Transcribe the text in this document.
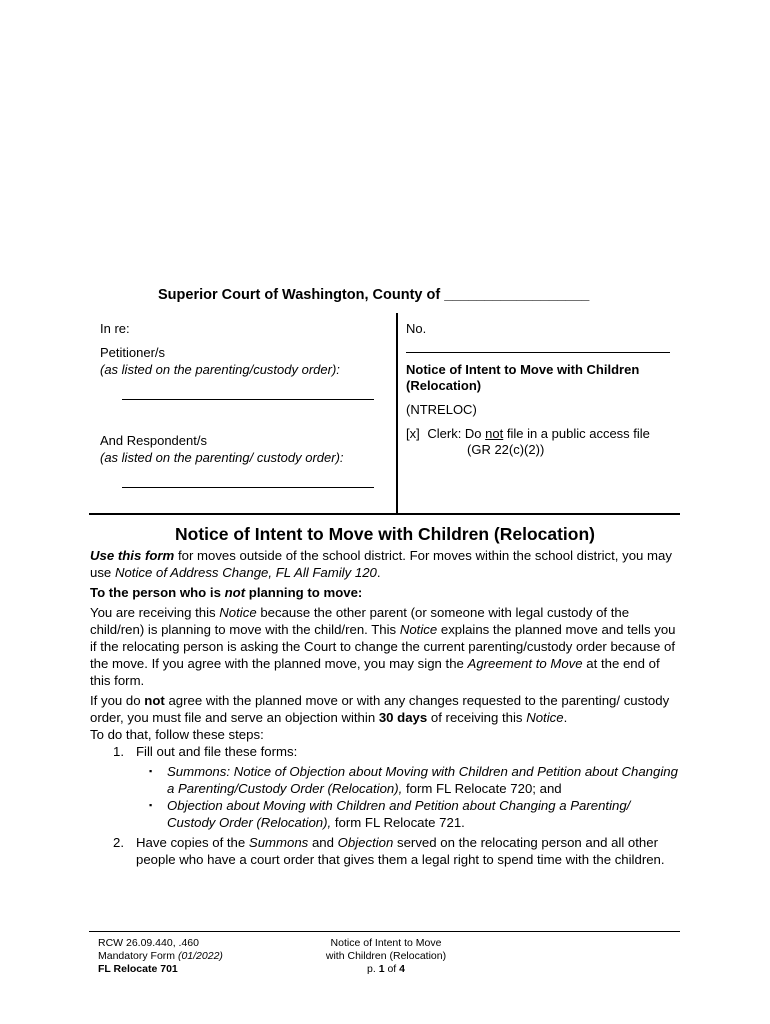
Superior Court of Washington, County of __________________
In re:
Petitioner/s
(as listed on the parenting/custody order):
And Respondent/s
(as listed on the parenting/ custody order):
No.
Notice of Intent to Move with Children
(Relocation)
(NTRELOC)
[x] Clerk: Do not file in a public access file
(GR 22(c)(2))
Notice of Intent to Move with Children (Relocation)

Use this form for moves outside of the school district. For moves within the school district, you may use Notice of Address Change, FL All Family 120.

To the person who is not planning to move:

You are receiving this Notice because the other parent (or someone with legal custody of the child/ren) is planning to move with the child/ren. This Notice explains the planned move and tells you if the relocating person is asking the Court to change the current parenting/custody order because of the move. If you agree with the planned move, you may sign the Agreement to Move at the end of this form.

If you do not agree with the planned move or with any changes requested to the parenting/ custody order, you must file and serve an objection within 30 days of receiving this Notice.

To do that, follow these steps:

1. Fill out and file these forms:
▪ Summons: Notice of Objection about Moving with Children and Petition about Changing a Parenting/Custody Order (Relocation), form FL Relocate 720; and
▪ Objection about Moving with Children and Petition about Changing a Parenting/ Custody Order (Relocation), form FL Relocate 721.
2. Have copies of the Summons and Objection served on the relocating person and all other people who have a court order that gives them a legal right to spend time with the children.
RCW 26.09.440, .460
Mandatory Form (01/2022)
FL Relocate 701
Notice of Intent to Move
with Children (Relocation)
p. 1 of 4
